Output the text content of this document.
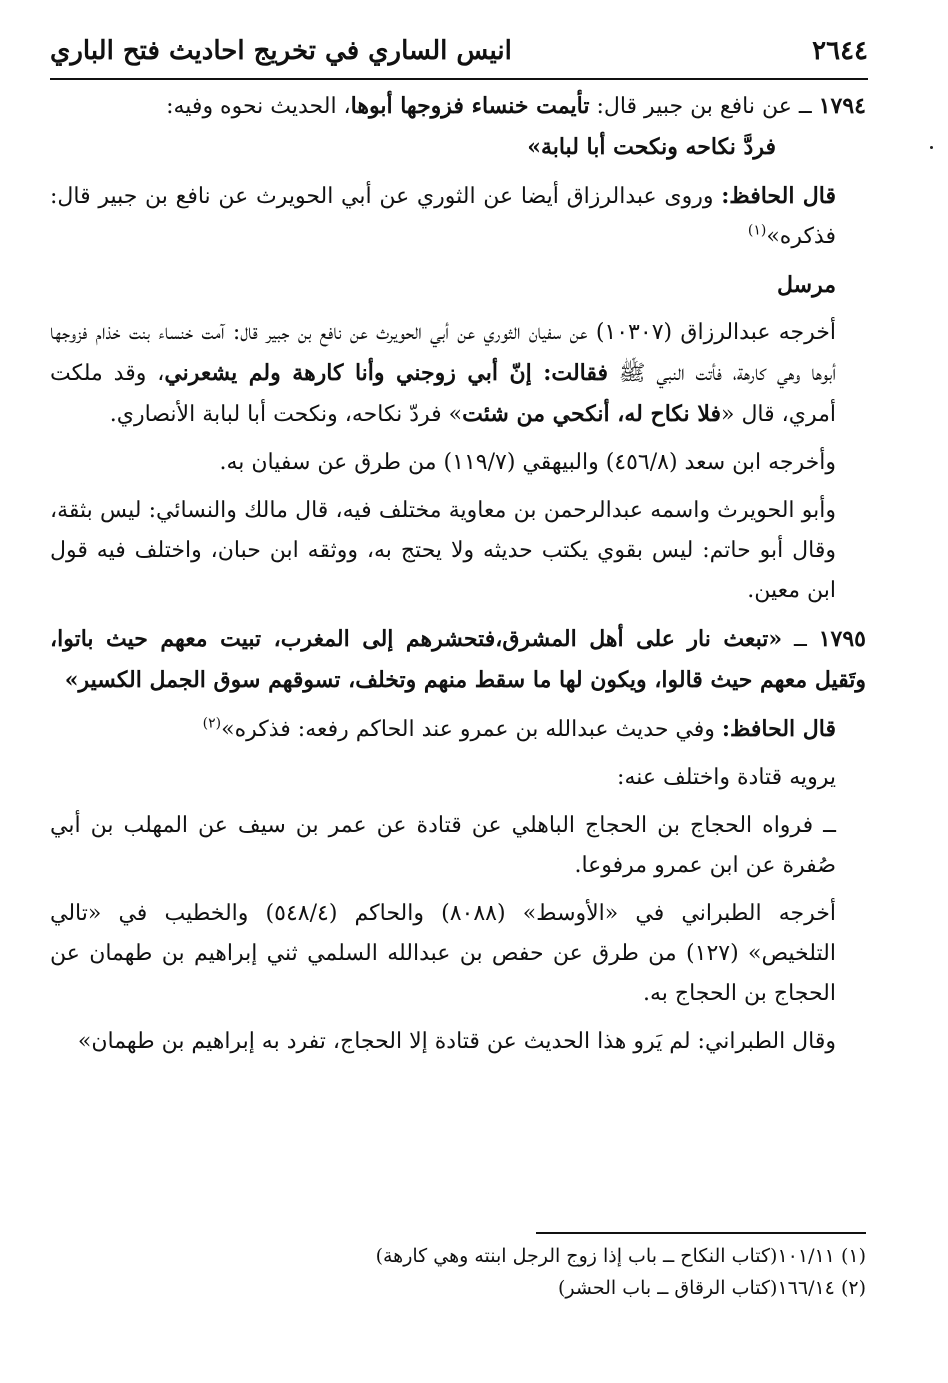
٢٦٤٤
انيس الساري في تخريج احاديث فتح الباري

١٧٩٤ ــ عن نافع بن جبير قال: تأيمت خنساء فزوجها أبوها، الحديث نحوه وفيه:
فردَّ نكاحه ونكحت أبا لبابة»

قال الحافظ: وروى عبدالرزاق أيضا عن الثوري عن أبي الحويرث عن نافع بن جبير قال: فذكره»$^{(١)}$

مرسل

أخرجه عبدالرزاق (١٠٣٠٧) عن سفيان الثوري عن أبي الحويرث عن نافع بن جبير قال: آمت خنساء بنت خذام فزوجها أبوها وهي كارهة، فأتت النبي ﷺ فقالت: إنّ أبي زوجني وأنا كارهة ولم يشعرني، وقد ملكت أمري، قال «فلا نكاح له، أنكحي من شئت» فردّ نكاحه، ونكحت أبا لبابة الأنصاري.

وأخرجه ابن سعد (٤٥٦/٨) والبيهقي (١١٩/٧) من طرق عن سفيان به.

وأبو الحويرث واسمه عبدالرحمن بن معاوية مختلف فيه، قال مالك والنسائي: ليس بثقة، وقال أبو حاتم: ليس بقوي يكتب حديثه ولا يحتج به، ووثقه ابن حبان، واختلف فيه قول ابن معين.

١٧٩٥ ــ «تبعث نار على أهل المشرق،فتحشرهم إلى المغرب، تبيت معهم حيث باتوا، وتَقيل معهم حيث قالوا، ويكون لها ما سقط منهم وتخلف، تسوقهم سوق الجمل الكسير»

قال الحافظ: وفي حديث عبدالله بن عمرو عند الحاكم رفعه: فذكره»$^{(٢)}$

يرويه قتادة واختلف عنه:

ــ فرواه الحجاج بن الحجاج الباهلي عن قتادة عن عمر بن سيف عن المهلب بن أبي صُفرة عن ابن عمرو مرفوعا.

أخرجه الطبراني في «الأوسط» (٨٠٨٨) والحاكم (٥٤٨/٤) والخطيب في «تالي التلخيص» (١٢٧) من طرق عن حفص بن عبدالله السلمي ثني إبراهيم بن طهمان عن الحجاج بن الحجاج به.

وقال الطبراني: لم يَرو هذا الحديث عن قتادة إلا الحجاج، تفرد به إبراهيم بن طهمان»

(١) ١٠١/١١(كتاب النكاح ــ باب إذا زوج الرجل ابنته وهي كارهة)
(٢) ١٦٦/١٤(كتاب الرقاق ــ باب الحشر)
